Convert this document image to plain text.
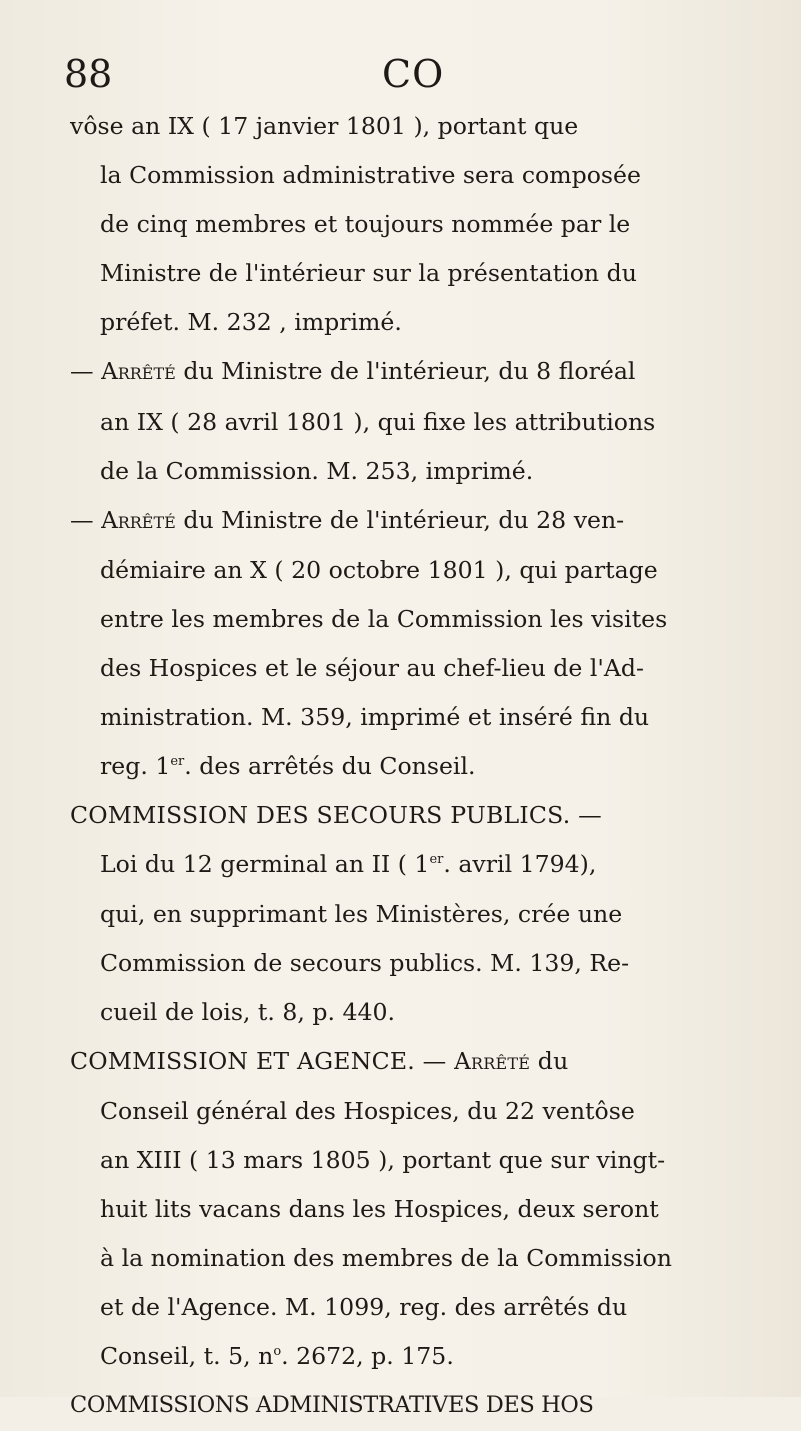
88	CO
vôse an IX ( 17 janvier 1801 ), portant que
la Commission administrative sera composée
de cinq membres et toujours nommée par le
Ministre de l'intérieur sur la présentation du
préfet. M. 232 , imprimé.
— Arrêté du Ministre de l'intérieur, du 8 floréal
an IX ( 28 avril 1801 ), qui fixe les attributions
de la Commission. M. 253, imprimé.
— Arrêté du Ministre de l'intérieur, du 28 ven-
démiaire an X ( 20 octobre 1801 ), qui partage
entre les membres de la Commission les visites
des Hospices et le séjour au chef-lieu de l'Ad-
ministration. M. 359, imprimé et inséré fin du
reg. 1er. des arrêtés du Conseil.
COMMISSION DES SECOURS PUBLICS. —
Loi du 12 germinal an II ( 1er. avril 1794),
qui, en supprimant les Ministères, crée une
Commission de secours publics. M. 139, Re-
cueil de lois, t. 8, p. 440.
COMMISSION ET AGENCE. — Arrêté du
Conseil général des Hospices, du 22 ventôse
an XIII ( 13 mars 1805 ), portant que sur vingt-
huit lits vacans dans les Hospices, deux seront
à la nomination des membres de la Commission
et de l'Agence. M. 1099, reg. des arrêtés du
Conseil, t. 5, $n^o$. 2672, p. 175.
COMMISSIONS ADMINISTRATIVES DES HOS
